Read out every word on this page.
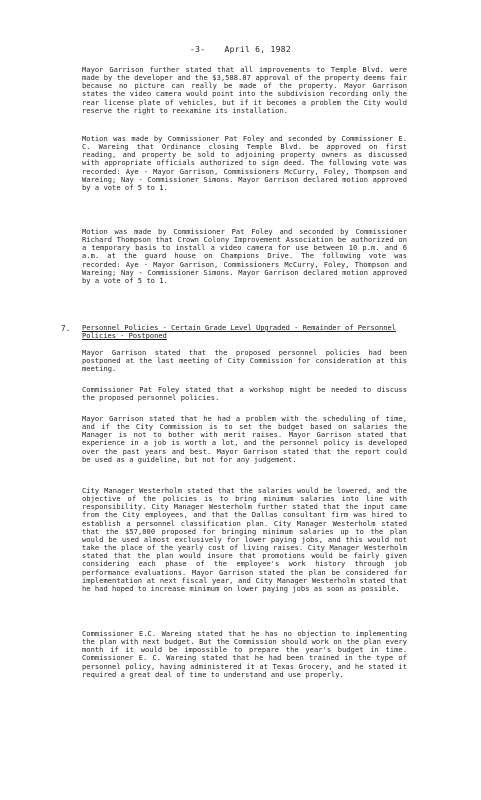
-3- April 6, 1982
Mayor Garrison further stated that all improvements to Temple Blvd. were made by the developer and the $3,588.87 approval of the property deems fair because no picture can really be made of the property. Mayor Garrison states the video camera would point into the subdivision recording only the rear license plate of vehicles, but if it becomes a problem the City would reserve the right to reexamine its installation.
Motion was made by Commissioner Pat Foley and seconded by Commissioner E. C. Wareing that Ordinance closing Temple Blvd. be approved on first reading, and property be sold to adjoining property owners as discussed with appropriate officials authorized to sign deed. The following vote was recorded: Aye - Mayor Garrison, Commissioners McCurry, Foley, Thompson and Wareing; Nay - Commissioner Simons. Mayor Garrison declared motion approved by a vote of 5 to 1.
Motion was made by Commissioner Pat Foley and seconded by Commissioner Richard Thompson that Crown Colony Improvement Association be authorized on a temporary basis to install a video camera for use between 10 p.m. and 6 a.m. at the guard house on Champions Drive. The following vote was recorded: Aye - Mayor Garrison, Commissioners McCurry, Foley, Thompson and Wareing; Nay - Commissioner Simons. Mayor Garrison declared motion approved by a vote of 5 to 1.
7. Personnel Policies - Certain Grade Level Upgraded - Remainder of Personnel Policies - Postponed
Mayor Garrison stated that the proposed personnel policies had been postponed at the last meeting of City Commission for consideration at this meeting.
Commissioner Pat Foley stated that a workshop might be needed to discuss the proposed personnel policies.
Mayor Garrison stated that he had a problem with the scheduling of time, and if the City Commission is to set the budget based on salaries the Manager is not to bother with merit raises. Mayor Garrison stated that experience in a job is worth a lot, and the personnel policy is developed over the past years and best. Mayor Garrison stated that the report could be used as a guideline, but not for any judgement.
City Manager Westerholm stated that the salaries would be lowered, and the objective of the policies is to bring minimum salaries into line with responsibility. City Manager Westerholm further stated that the input came from the City employees, and that the Dallas consultant firm was hired to establish a personnel classification plan. City Manager Westerholm stated that the $57,000 proposed for bringing minimum salaries up to the plan would be used almost exclusively for lower paying jobs, and this would not take the place of the yearly cost of living raises. City Manager Westerholm stated that the plan would insure that promotions would be fairly given considering each phase of the employee's work history through job performance evaluations. Mayor Garrison stated the plan be considered for implementation at next fiscal year, and City Manager Westerholm stated that he had hoped to increase minimum on lower paying jobs as soon as possible.
Commissioner E.C. Wareing stated that he has no objection to implementing the plan with next budget. But the Commission should work on the plan every month if it would be impossible to prepare the year's budget in time. Commissioner E. C. Wareing stated that he had been trained in the type of personnel policy, having administered it at Texas Grocery, and he stated it required a great deal of time to understand and use properly.
